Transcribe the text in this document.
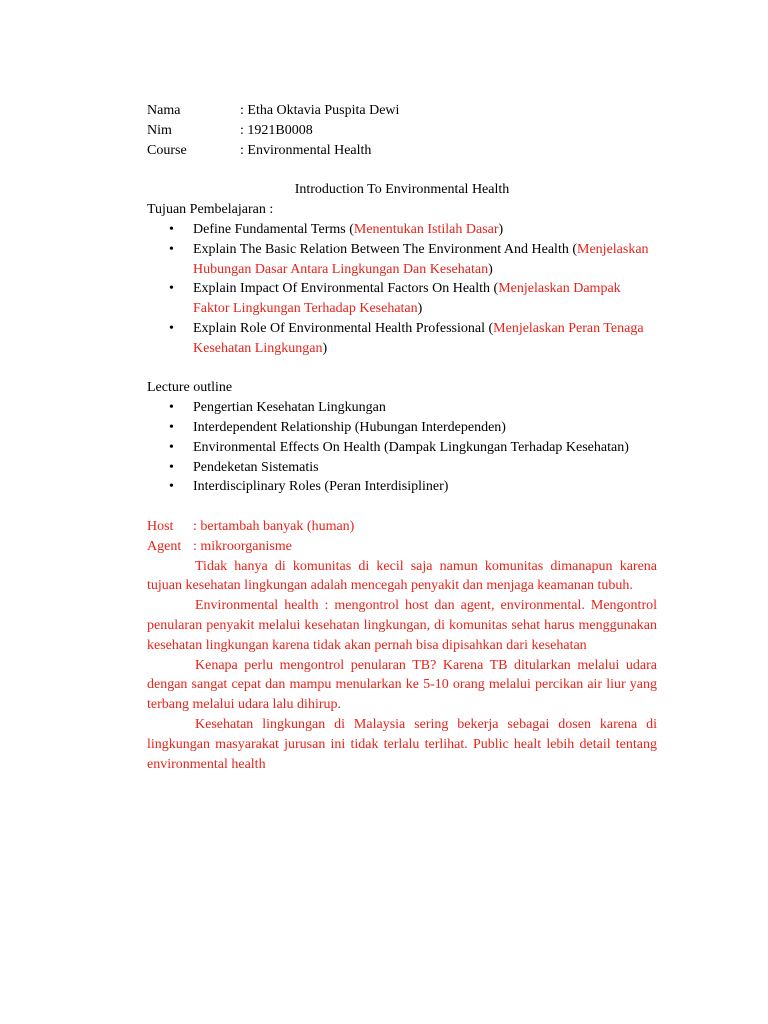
Nama	: Etha Oktavia Puspita Dewi
Nim	: 1921B0008
Course	: Environmental Health
Introduction To Environmental Health
Tujuan Pembelajaran :
• Define Fundamental Terms (Menentukan Istilah Dasar)
• Explain The Basic Relation Between The Environment And Health (Menjelaskan Hubungan Dasar Antara Lingkungan Dan Kesehatan)
• Explain Impact Of Environmental Factors On Health (Menjelaskan Dampak Faktor Lingkungan Terhadap Kesehatan)
• Explain Role Of Environmental Health Professional (Menjelaskan Peran Tenaga Kesehatan Lingkungan)
Lecture outline
• Pengertian Kesehatan Lingkungan
• Interdependent Relationship (Hubungan Interdependen)
• Environmental Effects On Health (Dampak Lingkungan Terhadap Kesehatan)
• Pendeketan Sistematis
• Interdisciplinary Roles (Peran Interdisipliner)
Host	: bertambah banyak (human)
Agent : mikroorganisme

Tidak hanya di komunitas di kecil saja namun komunitas dimanapun karena tujuan kesehatan lingkungan adalah mencegah penyakit dan menjaga keamanan tubuh.

Environmental health : mengontrol host dan agent, environmental. Mengontrol penularan penyakit melalui kesehatan lingkungan, di komunitas sehat harus menggunakan kesehatan lingkungan karena tidak akan pernah bisa dipisahkan dari kesehatan

Kenapa perlu mengontrol penularan TB? Karena TB ditularkan melalui udara dengan sangat cepat dan mampu menularkan ke 5-10 orang melalui percikan air liur yang terbang melalui udara lalu dihirup.

Kesehatan lingkungan di Malaysia sering bekerja sebagai dosen karena di lingkungan masyarakat jurusan ini tidak terlalu terlihat. Public healt lebih detail tentang environmental health
